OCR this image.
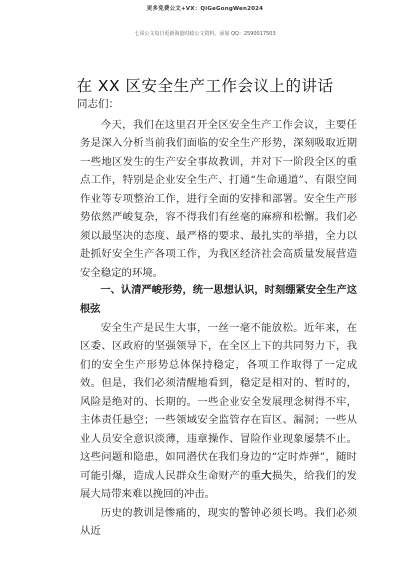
更多免费公文+VX：QiGeGongWen2024
七哥公文每日更新海量时政公文资料，添加 QQ：2590017503
在 XX 区安全生产工作会议上的讲话
同志们：

今天，我们在这里召开全区安全生产工作会议，主要任务是深入分析当前我们面临的安全生产形势，深刻吸取近期一些地区发生的生产安全事故教训，并对下一阶段全区的重点工作，特别是企业安全生产、打通“生命通道”、有限空间作业等专项整治工作，进行全面的安排和部署。安全生产形势依然严峻复杂，容不得我们有丝毫的麻痹和松懈。我们必须以最坚决的态度、最严格的要求、最扎实的举措，全力以赴抓好安全生产各项工作，为我区经济社会高质量发展营造安全稳定的环境。

一、认清严峻形势，统一思想认识，时刻绷紧安全生产这根弦

安全生产是民生大事，一丝一毫不能放松。近年来，在区委、区政府的坚强领导下，在全区上下的共同努力下，我们的安全生产形势总体保持稳定，各项工作取得了一定成效。但是，我们必须清醒地看到，稳定是相对的、暂时的，风险是绝对的、长期的。一些企业安全发展理念树得不牢，主体责任悬空；一些领域安全监管存在盲区、漏洞；一些从业人员安全意识淡薄，违章操作、冒险作业现象屡禁不止。这些问题和隐患，如同潜伏在我们身边的“定时炸弹”，随时可能引爆，造成人民群众生命财产的重大损失，给我们的发展大局带来难以挽回的冲击。

历史的教训是惨痛的，现实的警钟必须长鸣。我们必须从近
